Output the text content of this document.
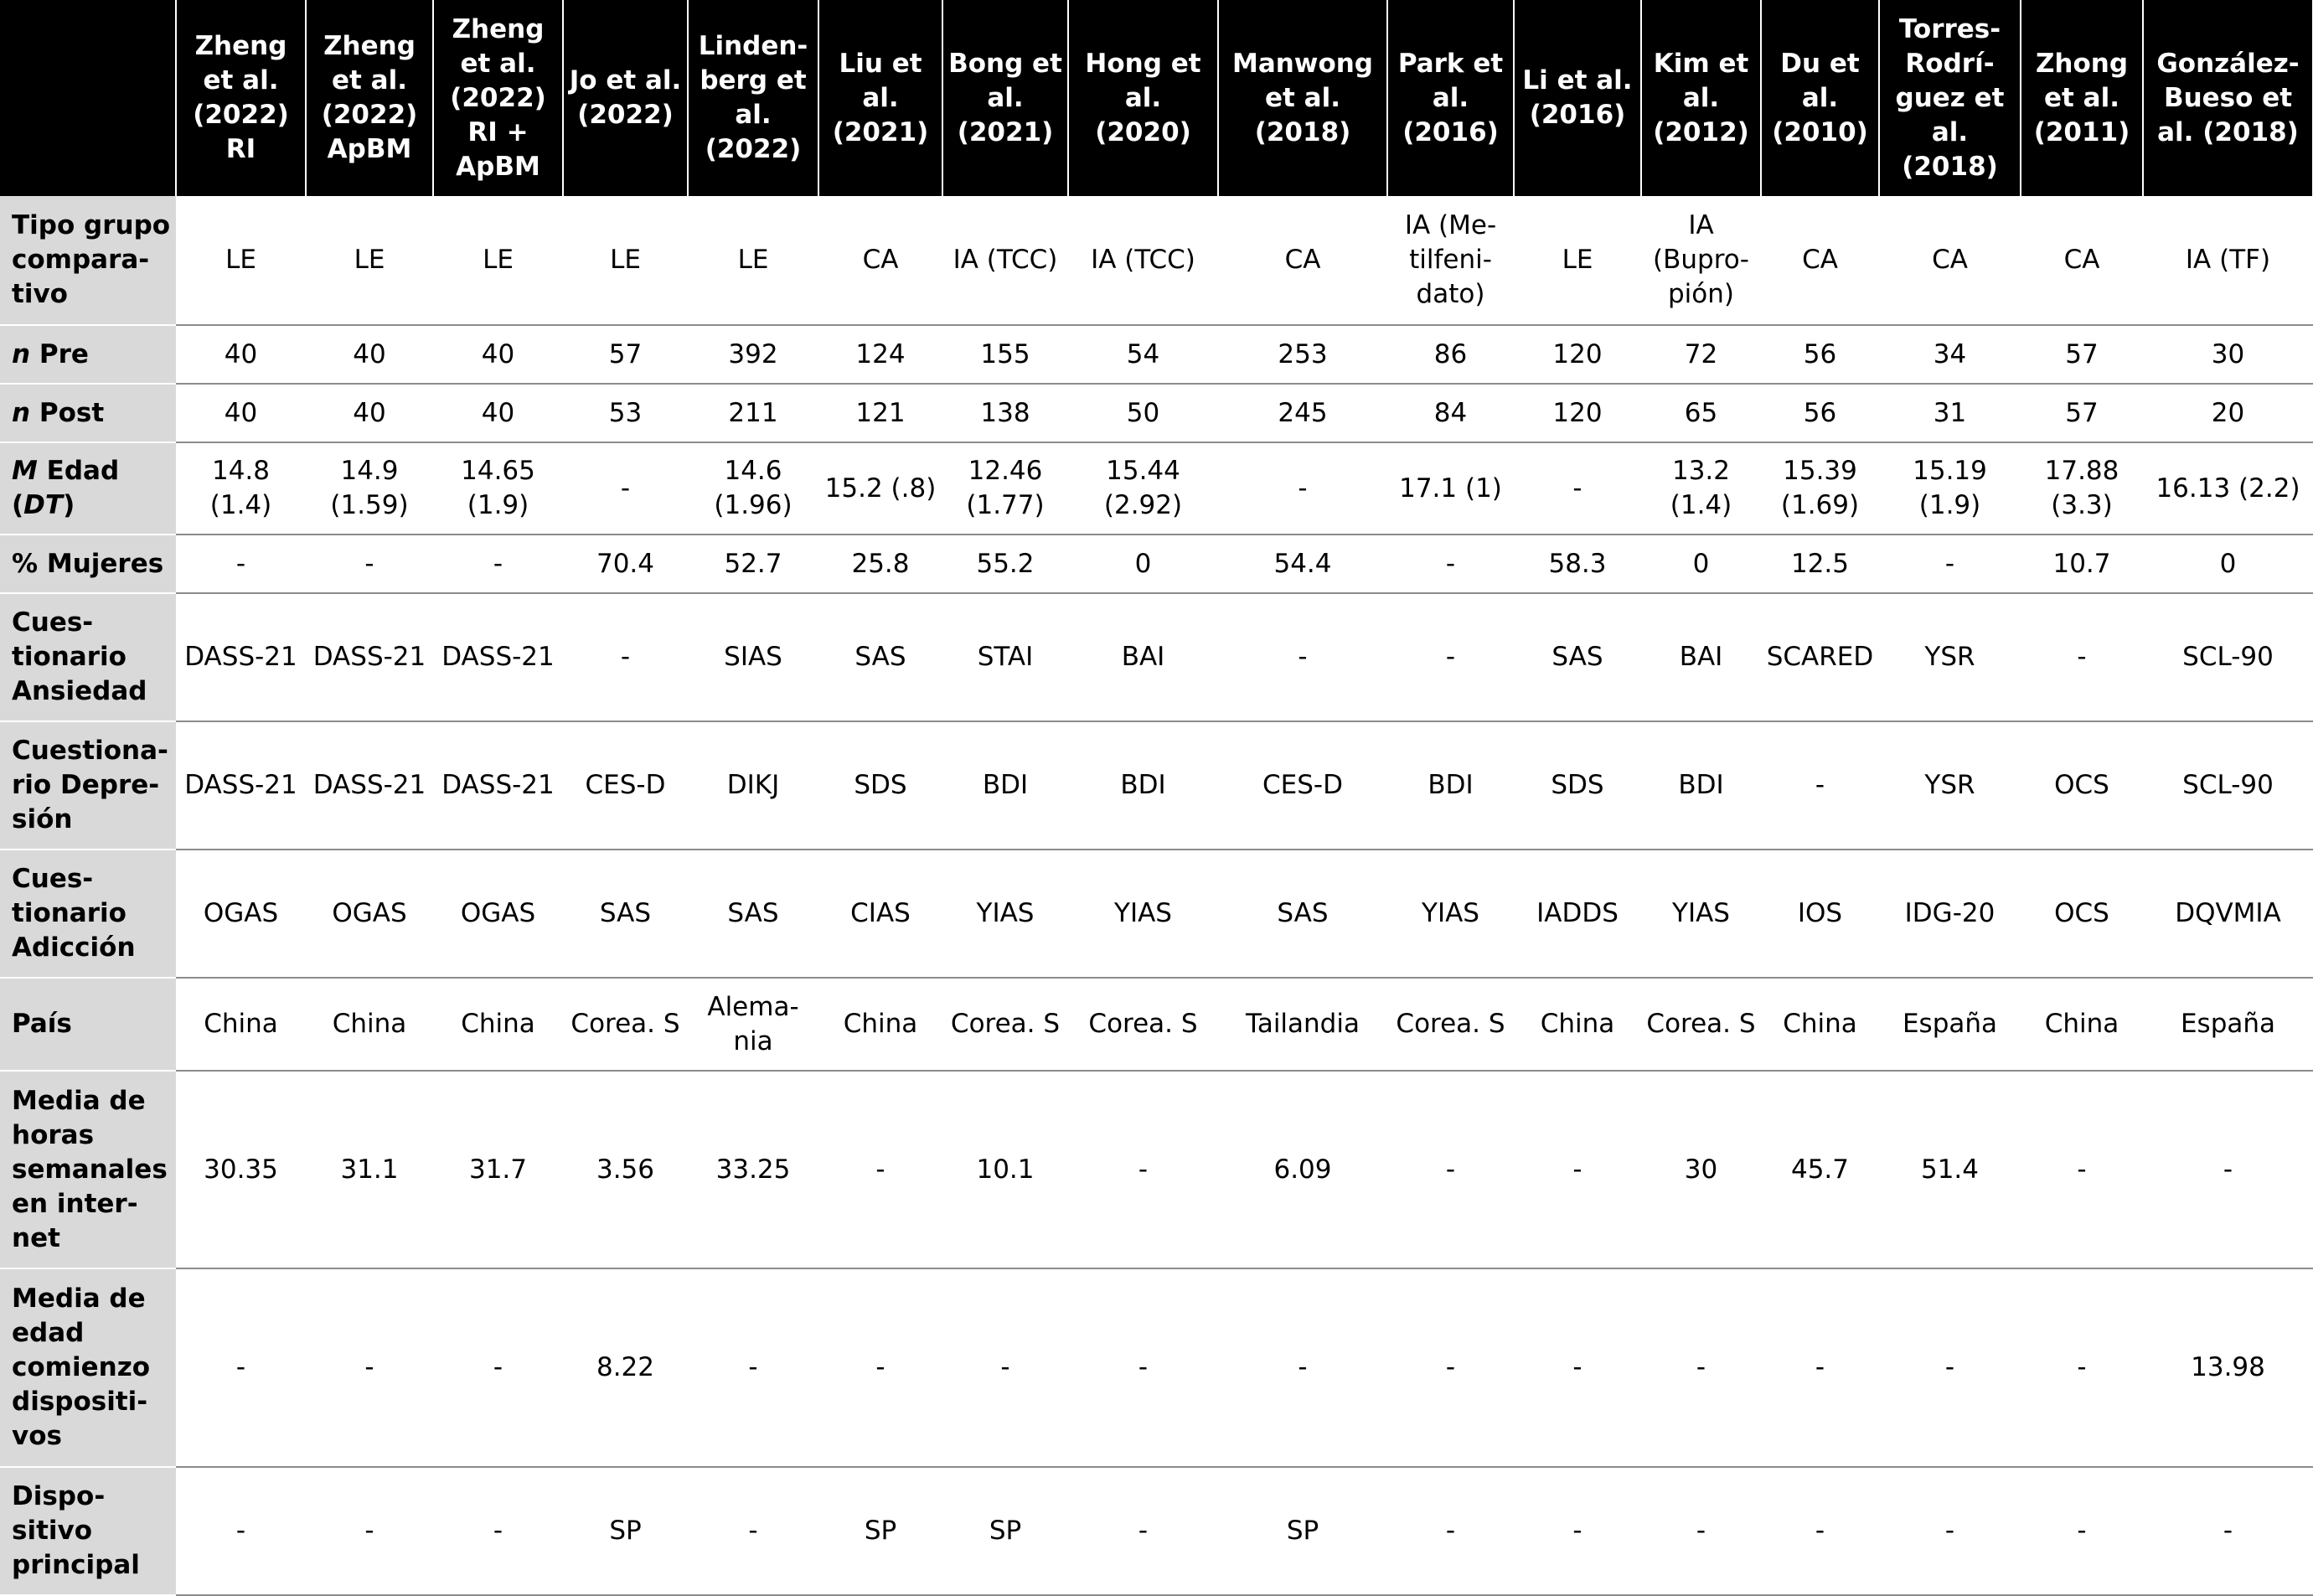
	Zheng et al. (2022) RI	Zheng et al. (2022) ApBM	Zheng et al. (2022) RI + ApBM	Jo et al. (2022)	Lindenberg et al. (2022)	Liu et al. (2021)	Bong et al. (2021)	Hong et al. (2020)	Manwong et al. (2018)	Park et al. (2016)	Li et al. (2016)	Kim et al. (2012)	Du et al. (2010)	Torres-Rodríguez et al. (2018)	Zhong et al. (2011)	González-Bueso et al. (2018)
Tipo grupo comparativo	LE	LE	LE	LE	LE	CA	IA (TCC)	IA (TCC)	CA	IA (Metilfenidato)	LE	IA (Bupropión)	CA	CA	CA	IA (TF)
n Pre	40	40	40	57	392	124	155	54	253	86	120	72	56	34	57	30
n Post	40	40	40	53	211	121	138	50	245	84	120	65	56	31	57	20
M Edad (DT)	14.8 (1.4)	14.9 (1.59)	14.65 (1.9)	-	14.6 (1.96)	15.2 (.8)	12.46 (1.77)	15.44 (2.92)	-	17.1 (1)	-	13.2 (1.4)	15.39 (1.69)	15.19 (1.9)	17.88 (3.3)	16.13 (2.2)
% Mujeres	-	-	-	70.4	52.7	25.8	55.2	0	54.4	-	58.3	0	12.5	-	10.7	0
Cuestionario Ansiedad	DASS-21	DASS-21	DASS-21	-	SIAS	SAS	STAI	BAI	-	-	SAS	BAI	SCARED	YSR	-	SCL-90
Cuestionario Depresión	DASS-21	DASS-21	DASS-21	CES-D	DIKJ	SDS	BDI	BDI	CES-D	BDI	SDS	BDI	-	YSR	OCS	SCL-90
Cuestionario Adicción	OGAS	OGAS	OGAS	SAS	SAS	CIAS	YIAS	YIAS	SAS	YIAS	IADDS	YIAS	IOS	IDG-20	OCS	DQVMIA
País	China	China	China	Corea. S	Alemania	China	Corea. S	Corea. S	Tailandia	Corea. S	China	Corea. S	China	España	China	España
Media de horas semanales en internet	30.35	31.1	31.7	3.56	33.25	-	10.1	-	6.09	-	-	30	45.7	51.4	-	-
Media de edad comienzo dispositivos	-	-	-	8.22	-	-	-	-	-	-	-	-	-	-	-	13.98
Dispositivo principal	-	-	-	SP	-	SP	SP	-	SP	-	-	-	-	-	-	-
